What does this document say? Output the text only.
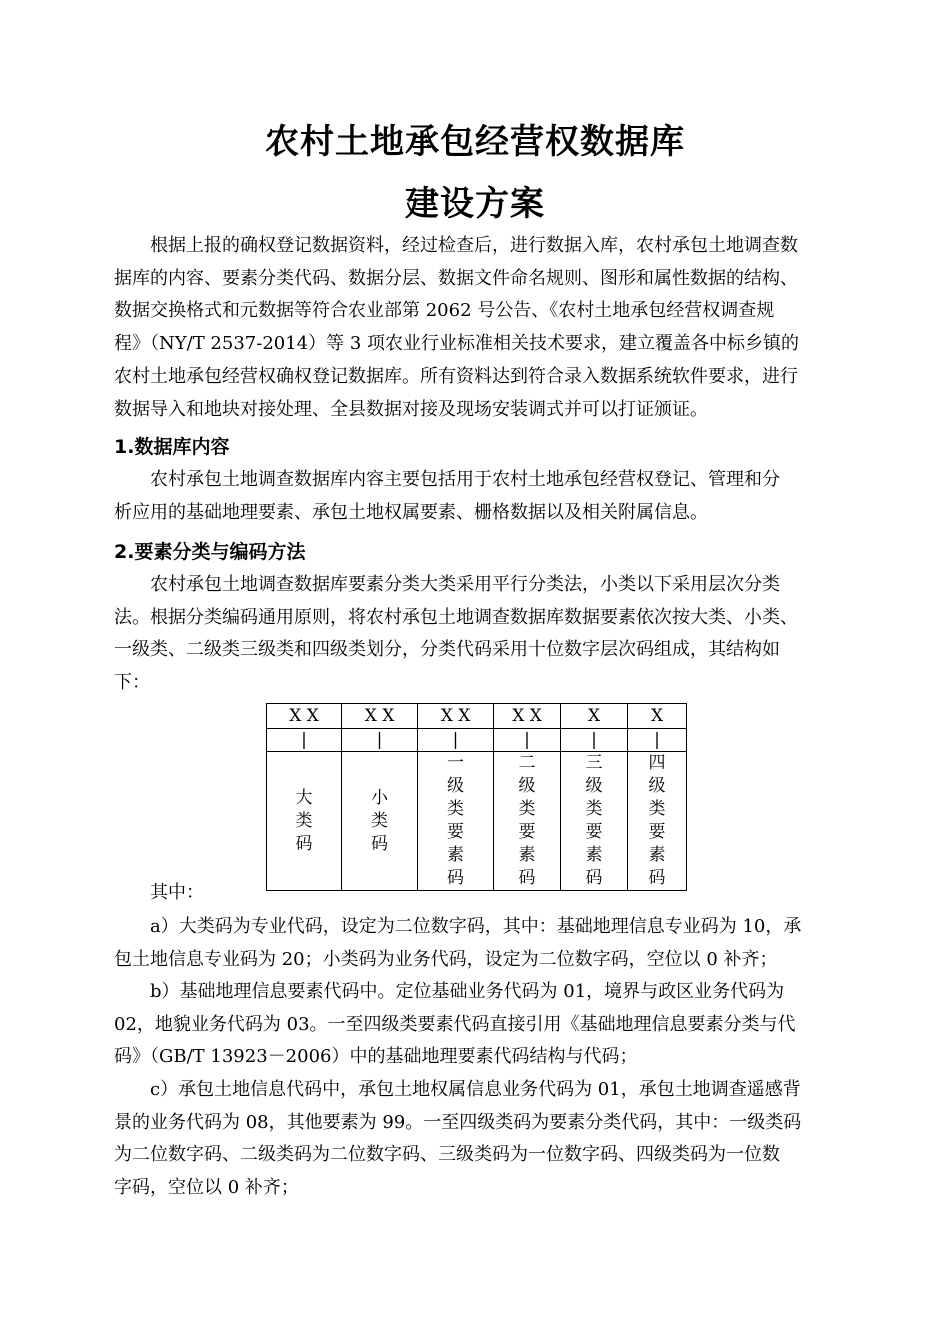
农村土地承包经营权数据库
建设方案
根据上报的确权登记数据资料，经过检查后，进行数据入库，农村承包土地调查数
据库的内容、要素分类代码、数据分层、数据文件命名规则、图形和属性数据的结构、
数据交换格式和元数据等符合农业部第 2062 号公告、《农村土地承包经营权调查规
程》（NY/T 2537-2014）等 3 项农业行业标准相关技术要求，建立覆盖各中标乡镇的
农村土地承包经营权确权登记数据库。所有资料达到符合录入数据系统软件要求，进行
数据导入和地块对接处理、全县数据对接及现场安装调式并可以打证颁证。
1.数据库内容
农村承包土地调查数据库内容主要包括用于农村土地承包经营权登记、管理和分
析应用的基础地理要素、承包土地权属要素、栅格数据以及相关附属信息。
2.要素分类与编码方法
农村承包土地调查数据库要素分类大类采用平行分类法，小类以下采用层次分类
法。根据分类编码通用原则，将农村承包土地调查数据库数据要素依次按大类、小类、
一级类、二级类三级类和四级类划分，分类代码采用十位数字层次码组成，其结构如
下：
X X	X X	X X	X X	X	X
|	|	|	|	|	|
大类码	小类码	一级类要素码	二级类要素码	三级类要素码	四级类要素码
其中：
a）大类码为专业代码，设定为二位数字码，其中：基础地理信息专业码为 10，承
包土地信息专业码为 20；小类码为业务代码，设定为二位数字码，空位以 0 补齐；
b）基础地理信息要素代码中。定位基础业务代码为 01，境界与政区业务代码为
02，地貌业务代码为 03。一至四级类要素代码直接引用《基础地理信息要素分类与代
码》（GB/T 13923－2006）中的基础地理要素代码结构与代码；
c）承包土地信息代码中，承包土地权属信息业务代码为 01，承包土地调查遥感背
景的业务代码为 08，其他要素为 99。一至四级类码为要素分类代码，其中：一级类码
为二位数字码、二级类码为二位数字码、三级类码为一位数字码、四级类码为一位数
字码，空位以 0 补齐；
